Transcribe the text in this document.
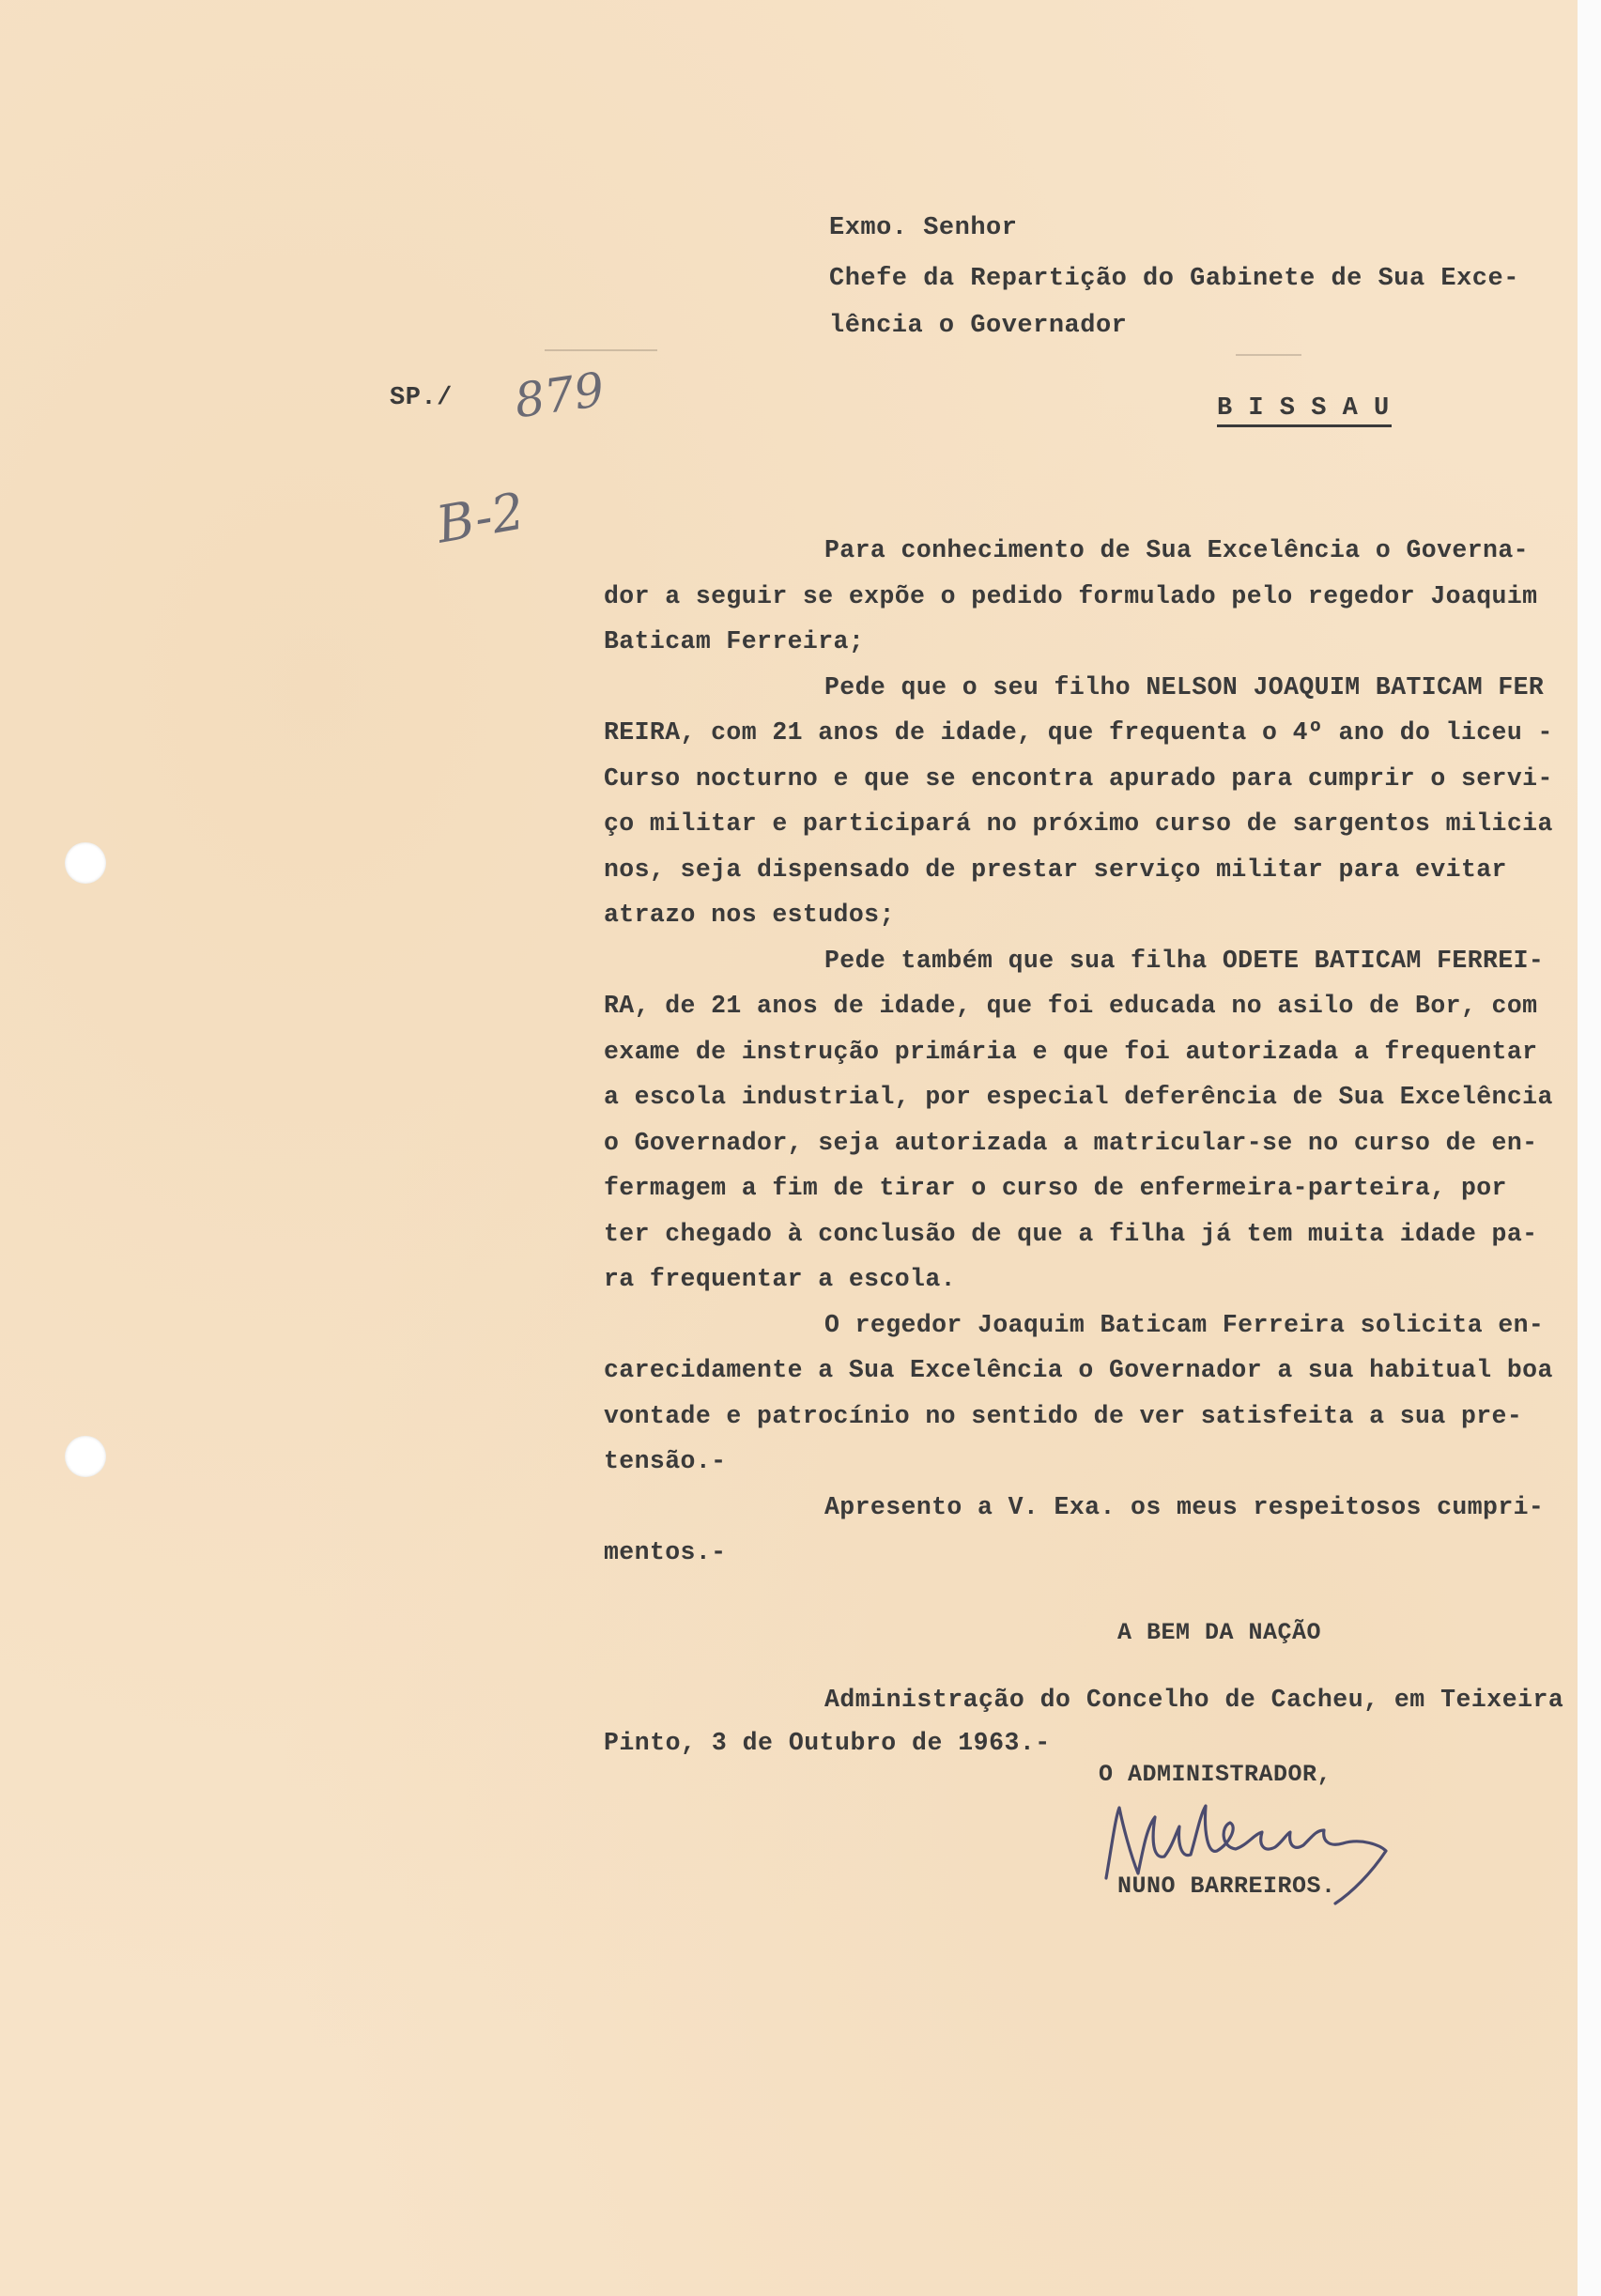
Exmo. Senhor
Chefe da Repartição do Gabinete de Sua Exce-
lência o Governador
B I S S A U
SP./ 879
B-2	Para conhecimento de Sua Excelência o Governa-
dor a seguir se expõe o pedido formulado pelo regedor Joaquim
Baticam Ferreira;
Pede que o seu filho NELSON JOAQUIM BATICAM FER
REIRA, com 21 anos de idade, que frequenta o 4º ano do liceu -
Curso nocturno e que se encontra apurado para cumprir o servi-
ço militar e participará no próximo curso de sargentos milicia
nos, seja dispensado de prestar serviço militar para evitar
atrazo nos estudos;
Pede também que sua filha ODETE BATICAM FERREI-
RA, de 21 anos de idade, que foi educada no asilo de Bor, com
exame de instrução primária e que foi autorizada a frequentar
a escola industrial, por especial deferência de Sua Excelência
o Governador, seja autorizada a matricular-se no curso de en-
fermagem a fim de tirar o curso de enfermeira-parteira, por
ter chegado à conclusão de que a filha já tem muita idade pa-
ra frequentar a escola.
O regedor Joaquim Baticam Ferreira solicita en-
carecidamente a Sua Excelência o Governador a sua habitual boa
vontade e patrocínio no sentido de ver satisfeita a sua pre-
tensão.-
Apresento a V. Exa. os meus respeitosos cumpri-
mentos.-
A BEM DA NAÇÃO
Administração do Concelho de Cacheu, em Teixeira
Pinto, 3 de Outubro de 1963.-
O ADMINISTRADOR,
NUNO BARREIROS.
